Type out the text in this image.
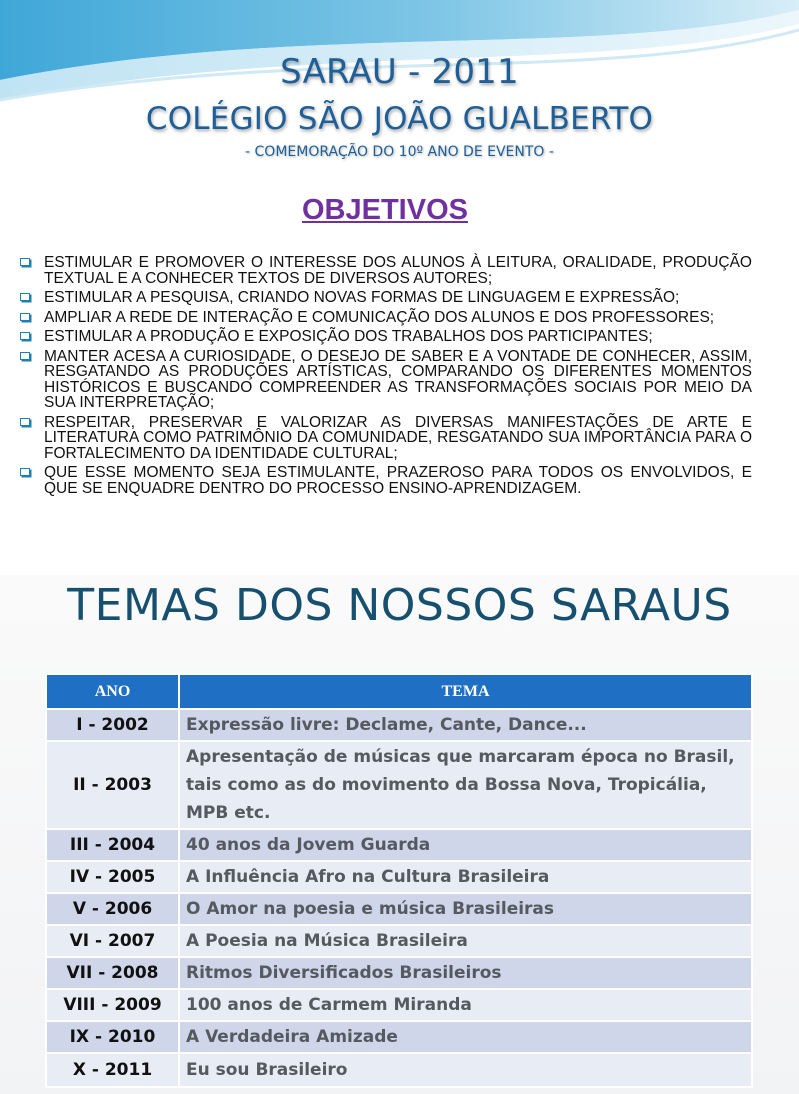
SARAU - 2011
COLÉGIO SÃO JOÃO GUALBERTO
- COMEMORAÇÃO DO 10º ANO DE EVENTO -
OBJETIVOS
ESTIMULAR E PROMOVER O INTERESSE DOS ALUNOS À LEITURA, ORALIDADE, PRODUÇÃO TEXTUAL E A CONHECER TEXTOS DE DIVERSOS AUTORES;
ESTIMULAR A PESQUISA, CRIANDO NOVAS FORMAS DE LINGUAGEM E EXPRESSÃO;
AMPLIAR A REDE DE INTERAÇÃO E COMUNICAÇÃO DOS ALUNOS E DOS PROFESSORES;
ESTIMULAR A PRODUÇÃO E EXPOSIÇÃO DOS TRABALHOS DOS PARTICIPANTES;
MANTER ACESA A CURIOSIDADE, O DESEJO DE SABER E A VONTADE DE CONHECER, ASSIM, RESGATANDO AS PRODUÇÕES ARTÍSTICAS, COMPARANDO OS DIFERENTES MOMENTOS HISTÓRICOS E BUSCANDO COMPREENDER AS TRANSFORMAÇÕES SOCIAIS POR MEIO DA SUA INTERPRETAÇÃO;
RESPEITAR, PRESERVAR E VALORIZAR AS DIVERSAS MANIFESTAÇÕES DE ARTE E LITERATURA COMO PATRIMÔNIO DA COMUNIDADE, RESGATANDO SUA IMPORTÂNCIA PARA O FORTALECIMENTO DA IDENTIDADE CULTURAL;
QUE ESSE MOMENTO SEJA ESTIMULANTE, PRAZEROSO PARA TODOS OS ENVOLVIDOS, E QUE SE ENQUADRE DENTRO DO PROCESSO ENSINO-APRENDIZAGEM.
TEMAS DOS NOSSOS SARAUS
ANO	TEMA
I - 2002	Expressão livre: Declame, Cante, Dance...
II - 2003	Apresentação de músicas que marcaram época no Brasil, tais como as do movimento da Bossa Nova, Tropicália, MPB etc.
III - 2004	40 anos da Jovem Guarda
IV - 2005	A Influência Afro na Cultura Brasileira
V - 2006	O Amor na poesia e música Brasileiras
VI - 2007	A Poesia na Música Brasileira
VII - 2008	Ritmos Diversificados Brasileiros
VIII - 2009	100 anos de Carmem Miranda
IX - 2010	A Verdadeira Amizade
X - 2011	Eu sou Brasileiro
